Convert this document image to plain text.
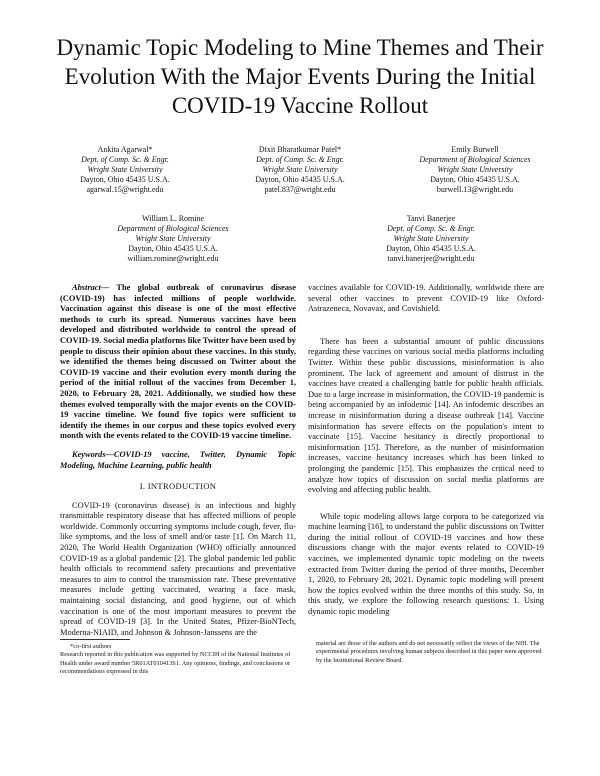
Dynamic Topic Modeling to Mine Themes and Their
Evolution With the Major Events During the Initial
COVID-19 Vaccine Rollout
Ankita Agarwal*
Dept. of Comp. Sc. & Engr.
Wright State University
Dayton, Ohio 45435 U.S.A.
agarwal.15@wright.edu
Dixit Bharatkumar Patel*
Dept. of Comp. Sc. & Engr.
Wright State University
Dayton, Ohio 45435 U.S.A.
patel.837@wright.edu
Emily Burwell
Department of Biological Sciences
Wright State University
Dayton, Ohio 45435 U.S.A.
burwell.13@wright.edu
William L. Romine
Department of Biological Sciences
Wright State University
Dayton, Ohio 45435 U.S.A.
william.romine@wright.edu
Tanvi Banerjee
Dept. of Comp. Sc. & Engr.
Wright State University
Dayton, Ohio 45435 U.S.A.
tanvi.banerjee@wright.edu

Abstract— The global outbreak of coronavirus disease (COVID-19) has infected millions of people worldwide. Vaccination against this disease is one of the most effective methods to curb its spread. Numerous vaccines have been developed and distributed worldwide to control the spread of COVID-19. Social media platforms like Twitter have been used by people to discuss their opinion about these vaccines. In this study, we identified the themes being discussed on Twitter about the COVID-19 vaccine and their evolution every month during the period of the initial rollout of the vaccines from December 1, 2020, to February 28, 2021. Additionally, we studied how these themes evolved temporally with the major events on the COVID-19 vaccine timeline. We found five topics were sufficient to identify the themes in our corpus and these topics evolved every month with the events related to the COVID-19 vaccine timeline.

Keywords—COVID-19 vaccine, Twitter, Dynamic Topic Modeling, Machine Learning, public health

I. INTRODUCTION

COVID-19 (coronavirus disease) is an infectious and highly transmittable respiratory disease that has affected millions of people worldwide. Commonly occurring symptoms include cough, fever, flu-like symptoms, and the loss of smell and/or taste [1]. On March 11, 2020, The World Health Organization (WHO) officially announced COVID-19 as a global pandemic [2]. The global pandemic led public health officials to recommend safety precautions and preventative measures to aim to control the transmission rate. These preventative measures include getting vaccinated, wearing a face mask, maintaining social distancing, and good hygiene, out of which vaccination is one of the most important measures to prevent the spread of COVID-19 [3]. In the United States, Pfizer-BioNTech, Moderna-NIAID, and Johnson & Johnson-Janssens are the

vaccines available for COVID-19. Additionally, worldwide there are several other vaccines to prevent COVID-19 like Oxford-Astrazeneca, Novavax, and Covishield.

There has been a substantial amount of public discussions regarding these vaccines on various social media platforms including Twitter. Within these public discussions, misinformation is also prominent. The lack of agreement and amount of distrust in the vaccines have created a challenging battle for public health officials. Due to a large increase in misinformation, the COVID-19 pandemic is being accompanied by an infodemic [14]. An infodemic describes an increase in misinformation during a disease outbreak [14]. Vaccine misinformation has severe effects on the population's intent to vaccinate [15]. Vaccine hesitancy is directly proportional to misinformation [15]. Therefore, as the number of misinformation increases, vaccine hesitancy increases which has been linked to prolonging the pandemic [15]. This emphasizes the critical need to analyze how topics of discussion on social media platforms are evolving and affecting public health.

While topic modeling allows large corpora to be categorized via machine learning [16], to understand the public discussions on Twitter during the initial rollout of COVID-19 vaccines and how these discussions change with the major events related to COVID-19 vaccines, we implemented dynamic topic modeling on the tweets extracted from Twitter during the period of three months, December 1, 2020, to February 28, 2021. Dynamic topic modeling will present how the topics evolved within the three months of this study. So, in this study, we explore the following research questions: 1. Using dynamic topic modeling

*co-first authors
Research reported in this publication was supported by NCCIH of the National Institutes of Health under award number 5R01AT010413S1. Any opinions, findings, and conclusions or recommendations expressed in this
material are those of the authors and do not necessarily reflect the views of the NIH. The experimental procedures involving human subjects described in this paper were approved by the Institutional Review Board.
